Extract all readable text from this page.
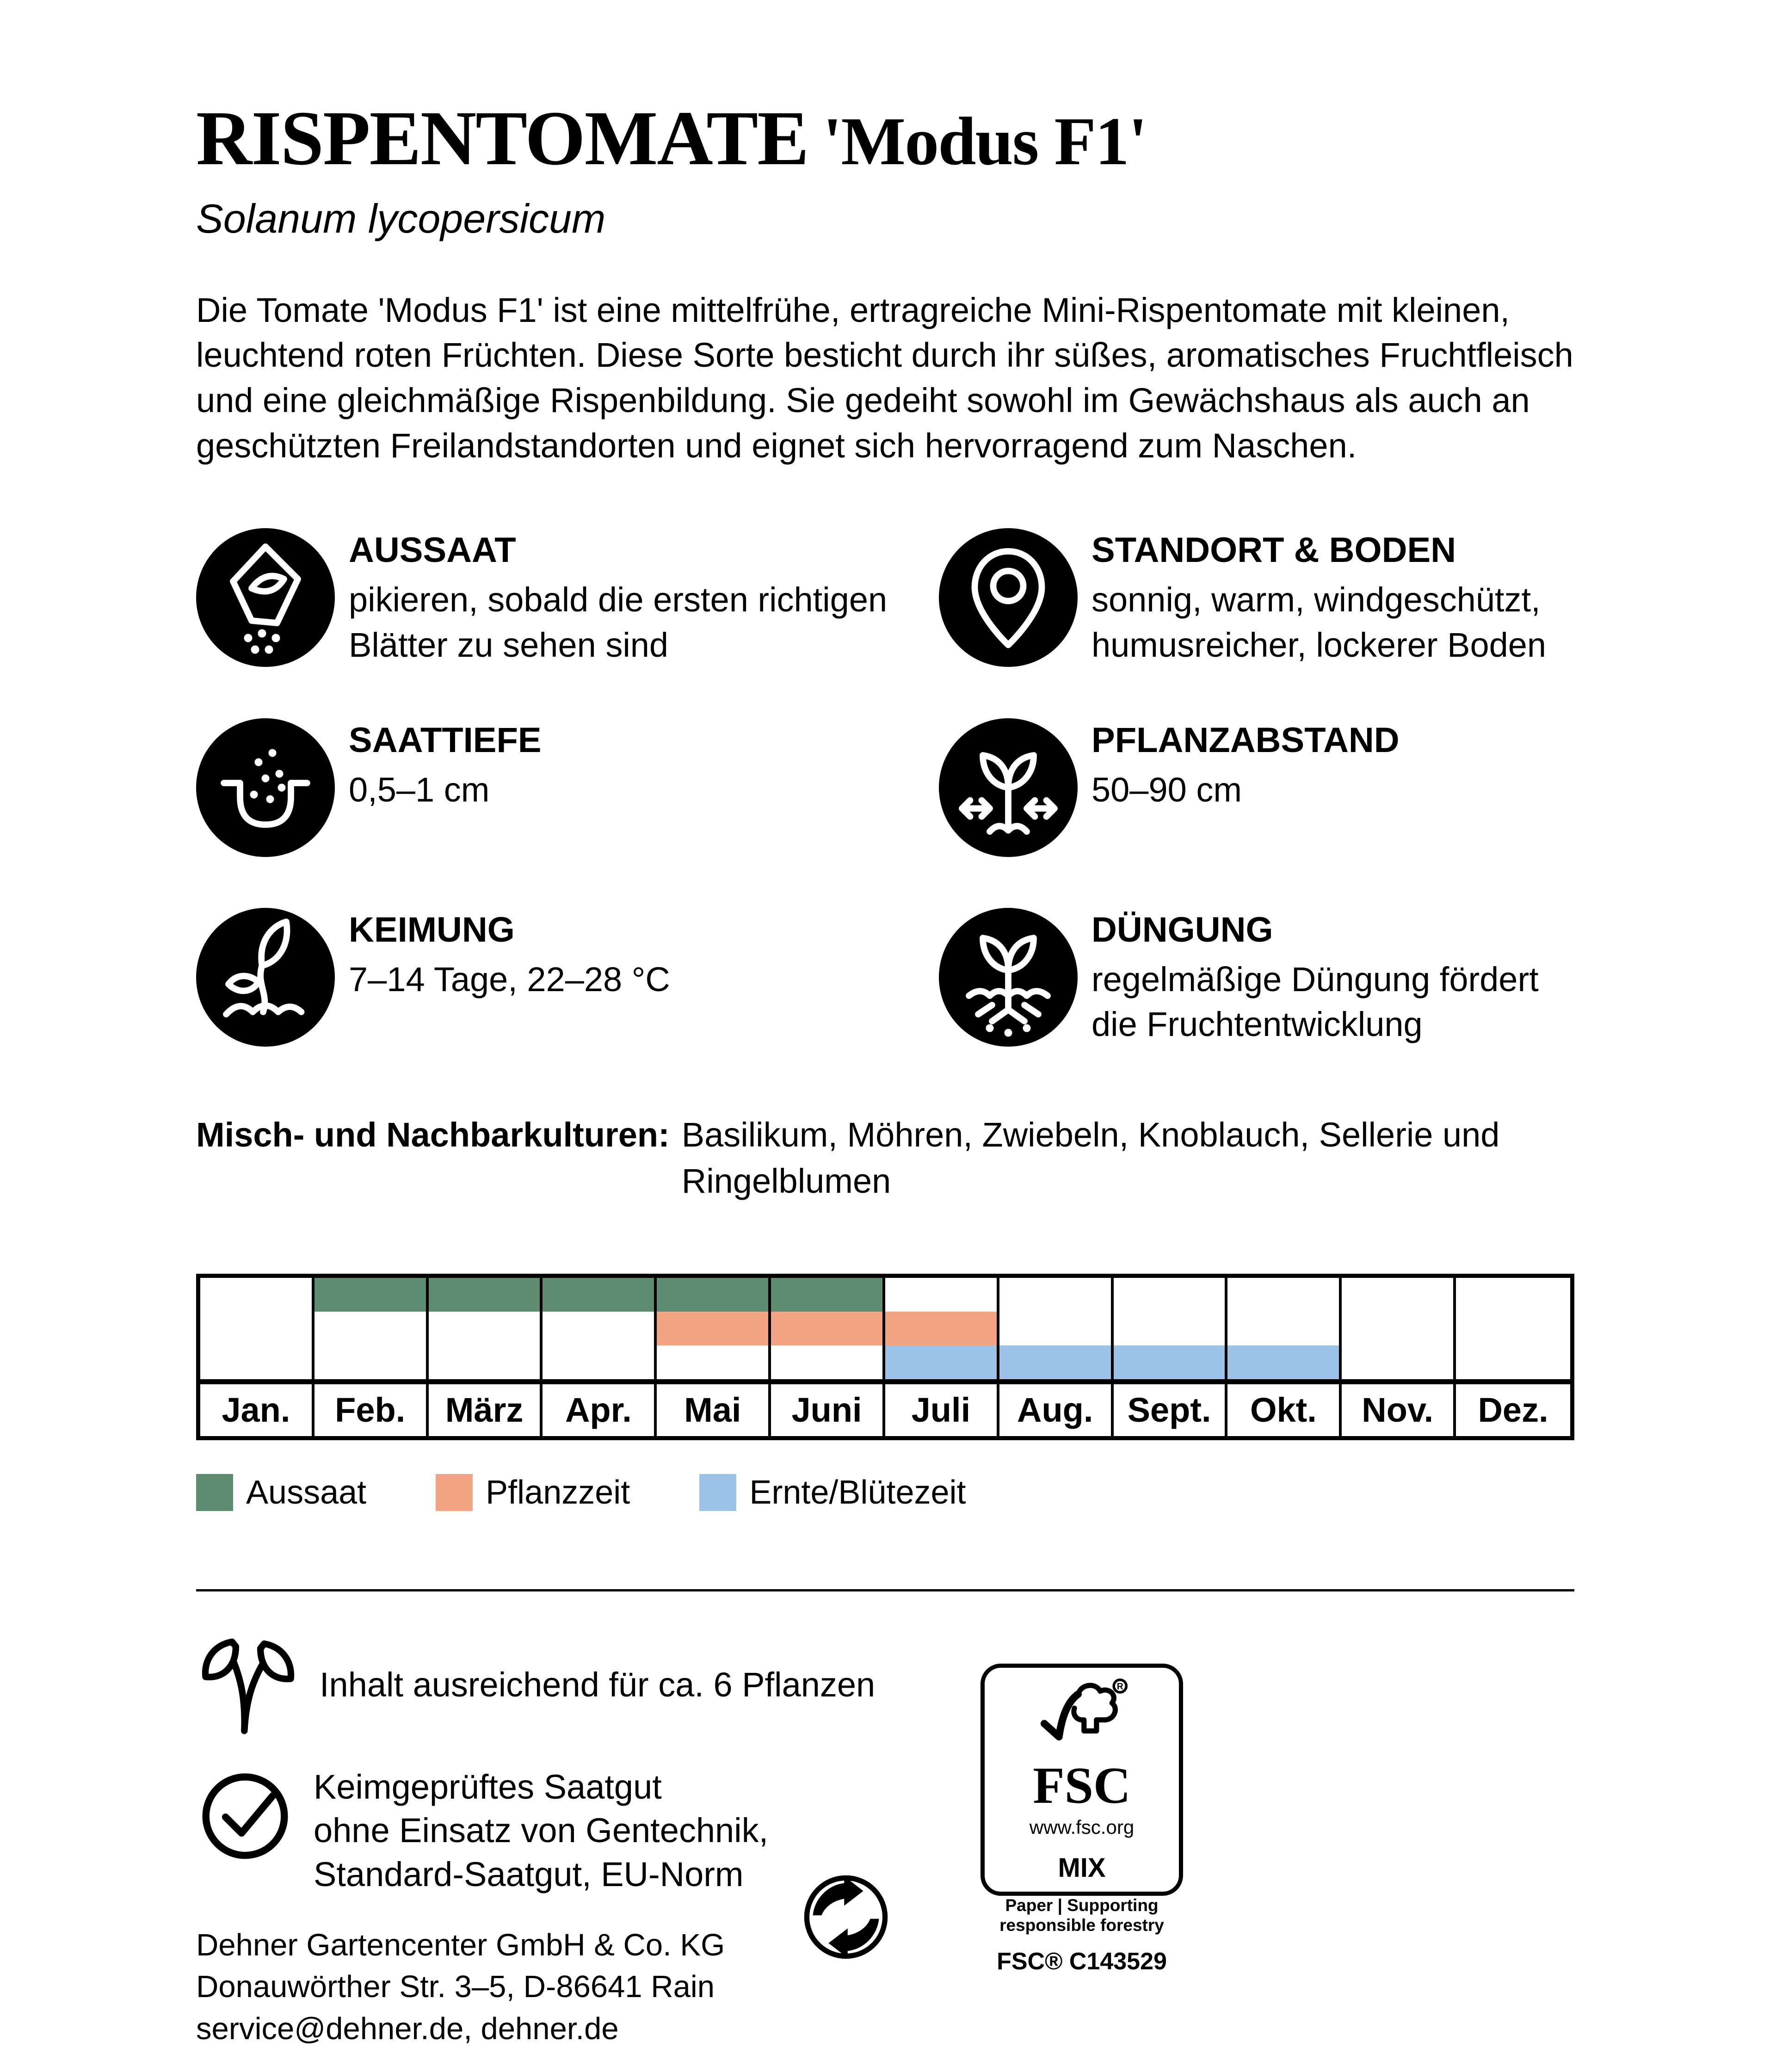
RISPENTOMATE 'Modus F1'
Solanum lycopersicum
Die Tomate 'Modus F1' ist eine mittelfrühe, ertragreiche Mini-Rispentomate mit kleinen, leuchtend roten Früchten. Diese Sorte besticht durch ihr süßes, aromatisches Fruchtfleisch und eine gleichmäßige Rispenbildung. Sie gedeiht sowohl im Gewächshaus als auch an geschützten Freilandstandorten und eignet sich hervorragend zum Naschen.
AUSSAAT
pikieren, sobald die ersten richtigen Blätter zu sehen sind
STANDORT & BODEN
sonnig, warm, windgeschützt, humusreicher, lockerer Boden
SAATTIEFE
0,5–1 cm
PFLANZABSTAND
50–90 cm
KEIMUNG
7–14 Tage, 22–28 °C
DÜNGUNG
regelmäßige Düngung fördert die Fruchtentwicklung
Misch- und Nachbarkulturen: Basilikum, Möhren, Zwiebeln, Knoblauch, Sellerie und Ringelblumen
Jan.	Feb.	März	Apr.	Mai	Juni	Juli	Aug.	Sept.	Okt.	Nov.	Dez.
Aussaat	Pflanzzeit	Ernte/Blütezeit
Inhalt ausreichend für ca. 6 Pflanzen
Keimgeprüftes Saatgut
ohne Einsatz von Gentechnik,
Standard-Saatgut, EU-Norm
Dehner Gartencenter GmbH & Co. KG
Donauwörther Str. 3–5, D-86641 Rain
service@dehner.de, dehner.de
R
FSC
www.fsc.org
MIX
Paper | Supporting responsible forestry
FSC® C143529
